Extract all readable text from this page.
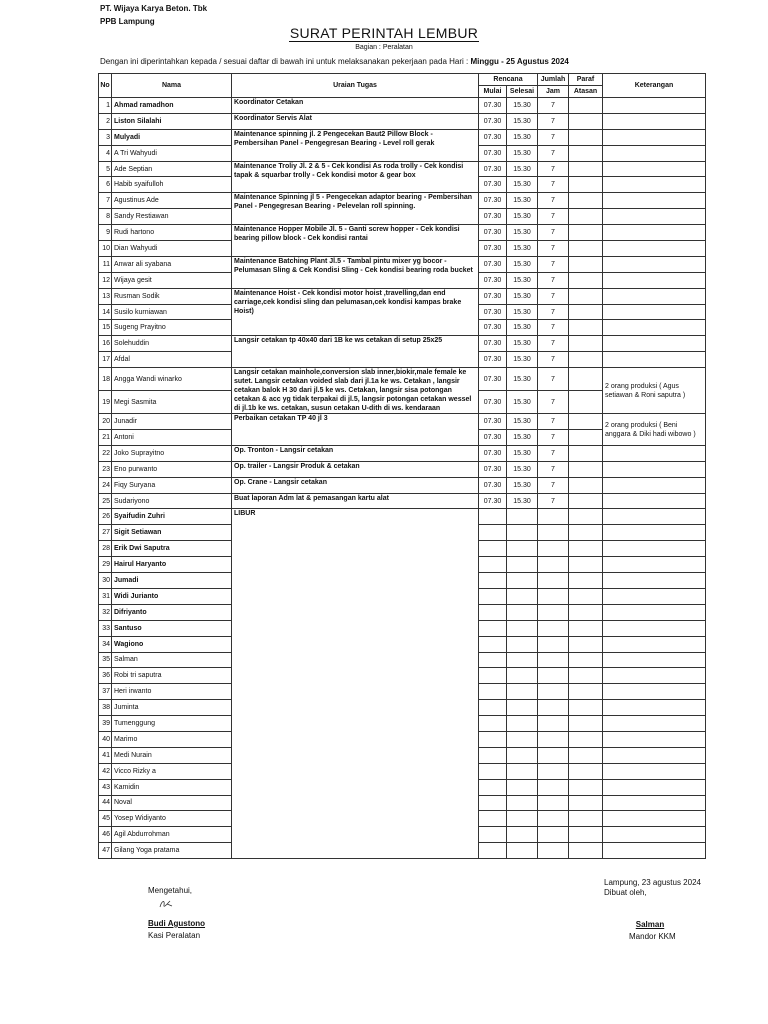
PT. Wijaya Karya Beton. Tbk
PPB Lampung
SURAT PERINTAH LEMBUR
Bagian : Peralatan
Dengan ini diperintahkan kepada / sesuai daftar di bawah ini untuk melaksanakan pekerjaan pada Hari : Minggu - 25 Agustus 2024
No	Nama	Uraian Tugas	Rencana		Jumlah	Paraf	Keterangan
			Mulai	Selesai	Jam	Atasan	
1	Ahmad ramadhon	Koordinator Cetakan	07.30	15.30	7		
2	Liston Silalahi	Koordinator Servis Alat	07.30	15.30	7		
3	Mulyadi	Maintenance spinning jl. 2 Pengecekan Baut2 Pillow Block - Pembersihan Panel - Pengegresan Bearing - Level roll gerak	07.30	15.30	7		
4	A Tri Wahyudi		07.30	15.30	7		
5	Ade Septian	Maintenance Troliy Jl. 2 & 5 - Cek kondisi As roda trolly - Cek kondisi tapak & squarbar trolly - Cek kondisi motor & gear box	07.30	15.30	7		
6	Habib syaifulloh		07.30	15.30	7		
7	Agustinus Ade	Maintenance Spinning jl 5 - Pengecekan adaptor bearing - Pembersihan Panel - Pengegresan Bearing - Pelevelan roll spinning.	07.30	15.30	7		
8	Sandy Restiawan		07.30	15.30	7		
9	Rudi hartono	Maintenance Hopper Mobile Jl. 5 - Ganti screw hopper - Cek kondisi bearing pillow block - Cek kondisi rantai	07.30	15.30	7		
10	Dian Wahyudi		07.30	15.30	7		
11	Anwar ali syabana	Maintenance Batching Plant Jl.5 - Tambal pintu mixer yg bocor - Pelumasan Sling & Cek Kondisi Sling - Cek kondisi bearing roda bucket	07.30	15.30	7		
12	Wijaya gesit		07.30	15.30	7		
13	Rusman Sodik	Maintenance Hoist - Cek kondisi motor hoist ,travelling,dan end carriage,cek kondisi sling dan pelumasan,cek kondisi kampas brake Hoist)	07.30	15.30	7		
14	Susilo kurniawan		07.30	15.30	7		
15	Sugeng Prayitno		07.30	15.30	7		
16	Solehuddin	Langsir cetakan tp 40x40 dari 1B ke ws cetakan di setup 25x25	07.30	15.30	7		
17	Afdal		07.30	15.30	7		
18	Angga Wandi winarko	Langsir cetakan mainhole,conversion slab inner,biokir,male female ke sutet. Langsir cetakan voided slab dari jl.1a ke ws. Cetakan , langsir cetakan balok H 30 dari jl.5 ke ws. Cetakan, langsir sisa potongan cetakan & acc yg tidak terpakai di jl.5, langsir potongan cetakan wessel di jl.1b ke ws. cetakan, susun cetakan U-dith di ws. kendaraan	07.30	15.30	7		2 orang produksi ( Agus setiawan & Roni saputra )
19	Megi Sasmita		07.30	15.30	7		
20	Junadir	Perbaikan cetakan TP 40 jl 3	07.30	15.30	7		2 orang produksi ( Beni anggara & Diki hadi wibowo )
21	Antoni		07.30	15.30	7		
22	Joko Suprayitno	Op. Tronton - Langsir cetakan	07.30	15.30	7		
23	Eno purwanto	Op. trailer - Langsir Produk & cetakan	07.30	15.30	7		
24	Fiqy Suryana	Op. Crane - Langsir cetakan	07.30	15.30	7		
25	Sudariyono	Buat laporan Adm lat & pemasangan kartu alat	07.30	15.30	7		
26	Syaifudin Zuhri	LIBUR					
27	Sigit Setiawan						
28	Erik Dwi Saputra						
29	Hairul Haryanto						
30	Jumadi						
31	Widi Jurianto						
32	Difriyanto						
33	Santuso						
34	Wagiono						
35	Salman						
36	Robi tri saputra						
37	Heri irwanto						
38	Juminta						
39	Tumenggung						
40	Marimo						
41	Medi Nurain						
42	Vicco Rizky a						
43	Kamidin						
44	Noval						
45	Yosep Widiyanto						
46	Agil Abdurrohman						
47	Gilang Yoga pratama						
Mengetahui,
Budi Agustono
Kasi Peralatan
Lampung, 23 agustus 2024
Dibuat oleh,
Salman
Mandor KKM
